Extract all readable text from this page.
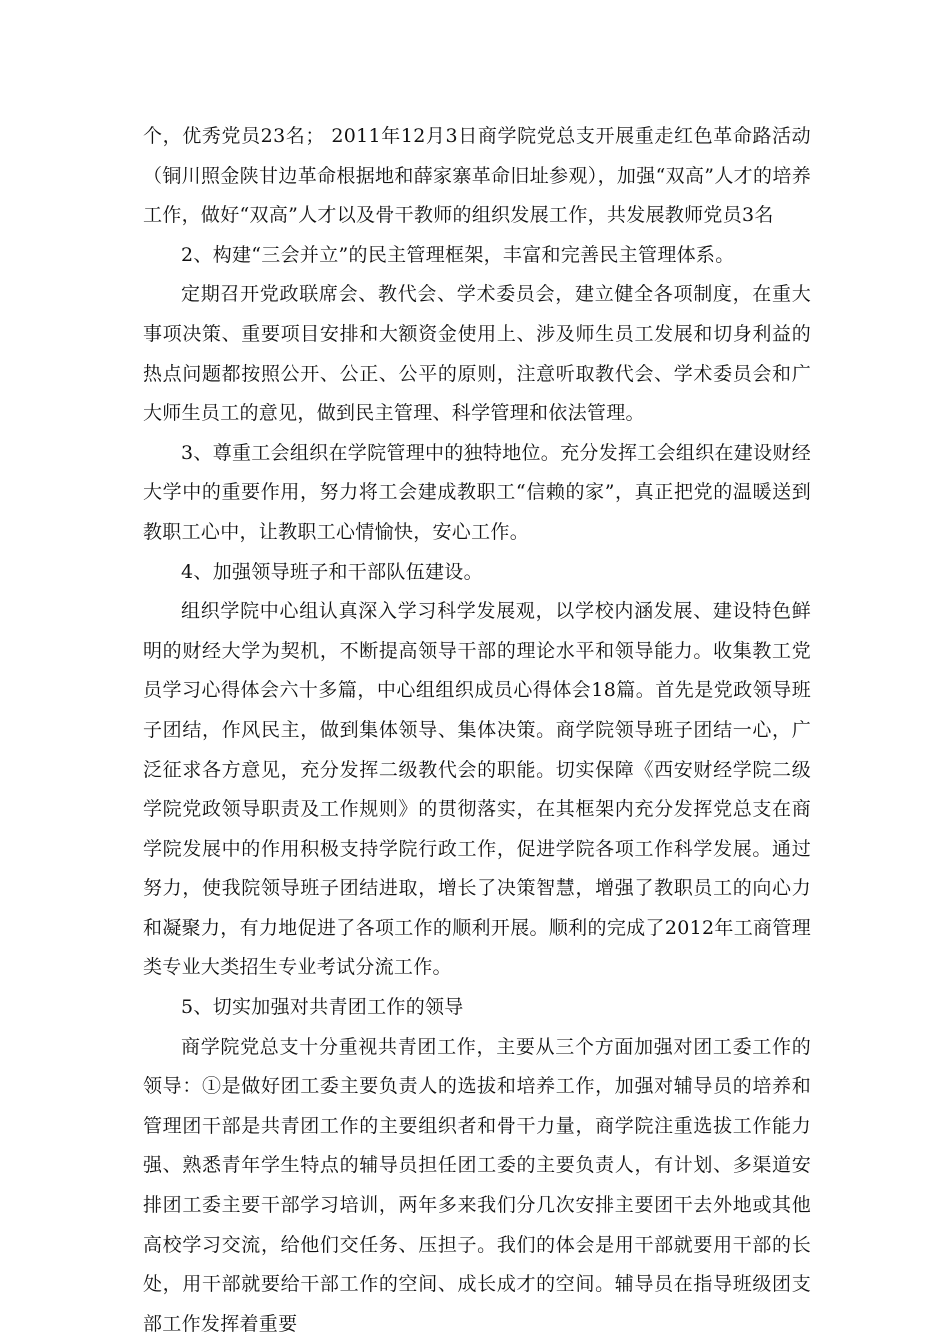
个，优秀党员23名； 2011年12月3日商学院党总支开展重走红色革命路活动（铜川照金陕甘边革命根据地和薛家寨革命旧址参观），加强“双高”人才的培养工作，做好“双高”人才以及骨干教师的组织发展工作，共发展教师党员3名

2、构建“三会并立”的民主管理框架，丰富和完善民主管理体系。

定期召开党政联席会、教代会、学术委员会，建立健全各项制度，在重大事项决策、重要项目安排和大额资金使用上、涉及师生员工发展和切身利益的热点问题都按照公开、公正、公平的原则，注意听取教代会、学术委员会和广大师生员工的意见，做到民主管理、科学管理和依法管理。

3、尊重工会组织在学院管理中的独特地位。充分发挥工会组织在建设财经大学中的重要作用，努力将工会建成教职工“信赖的家”，真正把党的温暖送到教职工心中，让教职工心情愉快，安心工作。

4、加强领导班子和干部队伍建设。

组织学院中心组认真深入学习科学发展观，以学校内涵发展、建设特色鲜明的财经大学为契机，不断提高领导干部的理论水平和领导能力。收集教工党员学习心得体会六十多篇，中心组组织成员心得体会18篇。首先是党政领导班子团结，作风民主，做到集体领导、集体决策。商学院领导班子团结一心，广泛征求各方意见，充分发挥二级教代会的职能。切实保障《西安财经学院二级学院党政领导职责及工作规则》的贯彻落实，在其框架内充分发挥党总支在商学院发展中的作用积极支持学院行政工作，促进学院各项工作科学发展。通过努力，使我院领导班子团结进取，增长了决策智慧，增强了教职员工的向心力和凝聚力，有力地促进了各项工作的顺利开展。顺利的完成了2012年工商管理类专业大类招生专业考试分流工作。

5、切实加强对共青团工作的领导

商学院党总支十分重视共青团工作，主要从三个方面加强对团工委工作的领导：①是做好团工委主要负责人的选拔和培养工作，加强对辅导员的培养和管理团干部是共青团工作的主要组织者和骨干力量，商学院注重选拔工作能力强、熟悉青年学生特点的辅导员担任团工委的主要负责人，有计划、多渠道安排团工委主要干部学习培训，两年多来我们分几次安排主要团干去外地或其他高校学习交流，给他们交任务、压担子。我们的体会是用干部就要用干部的长处，用干部就要给干部工作的空间、成长成才的空间。辅导员在指导班级团支部工作发挥着重要
